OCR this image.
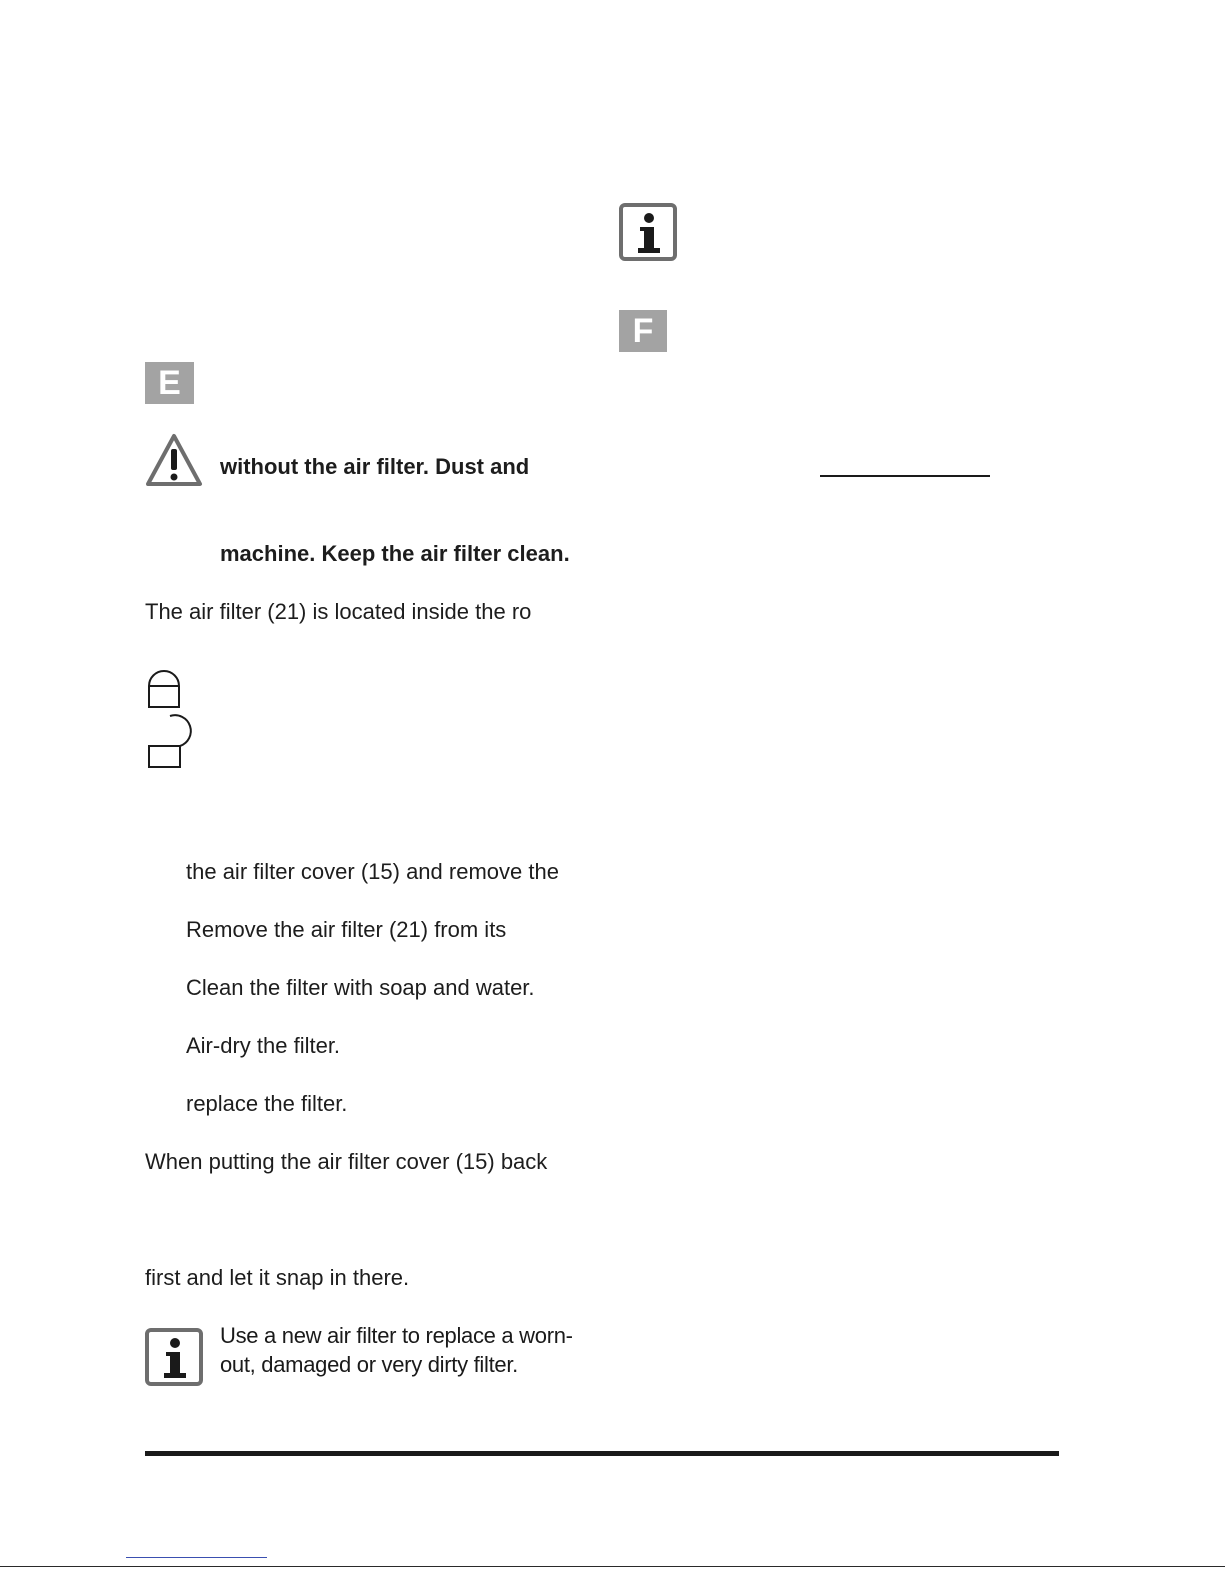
F
E
without the air filter. Dust and
machine. Keep the air filter clean.
The air filter (21) is located inside the ro
the air filter cover (15) and remove the
Remove the air filter (21) from its
Clean the filter with soap and water.
Air-dry the filter.
replace the filter.
When putting the air filter cover (15) back
first and let it snap in there.
Use a new air filter to replace a worn-
out, damaged or very dirty filter.
